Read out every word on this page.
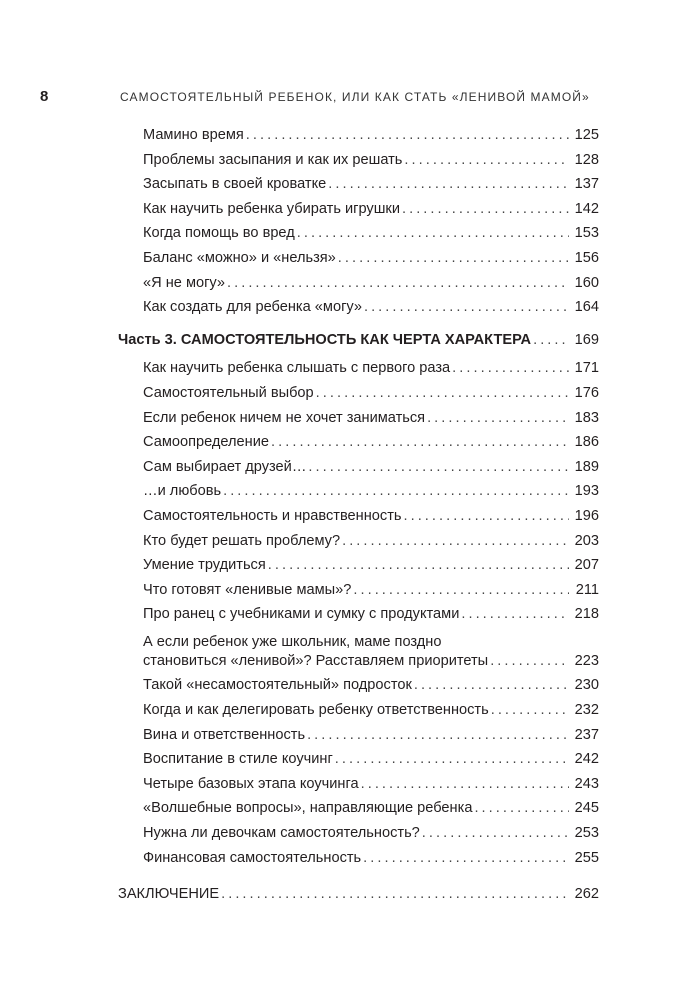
8	САМОСТОЯТЕЛЬНЫЙ РЕБЕНОК, ИЛИ КАК СТАТЬ «ЛЕНИВОЙ МАМОЙ»
Мамино время . . .	125
Проблемы засыпания и как их решать . . .	128
Засыпать в своей кроватке . . .	137
Как научить ребенка убирать игрушки . . .	142
Когда помощь во вред . . .	153
Баланс «можно» и «нельзя» . . .	156
«Я не могу» . . .	160
Как создать для ребенка «могу» . . .	164
Часть 3. САМОСТОЯТЕЛЬНОСТЬ КАК ЧЕРТА ХАРАКТЕРА . . .	169
Как научить ребенка слышать с первого раза . . .	171
Самостоятельный выбор . . .	176
Если ребенок ничем не хочет заниматься . . .	183
Самоопределение . . .	186
Сам выбирает друзей… . . .	189
…и любовь . . .	193
Самостоятельность и нравственность . . .	196
Кто будет решать проблему? . . .	203
Умение трудиться . . .	207
Что готовят «ленивые мамы»? . . .	211
Про ранец с учебниками и сумку с продуктами . . .	218
А если ребенок уже школьник, маме поздно
становиться «ленивой»? Расставляем приоритеты . . .	223
Такой «несамостоятельный» подросток . . .	230
Когда и как делегировать ребенку ответственность . . .	232
Вина и ответственность . . .	237
Воспитание в стиле коучинг . . .	242
Четыре базовых этапа коучинга . . .	243
«Волшебные вопросы», направляющие ребенка . . .	245
Нужна ли девочкам самостоятельность? . . .	253
Финансовая самостоятельность . . .	255
ЗАКЛЮЧЕНИЕ . . .	262
